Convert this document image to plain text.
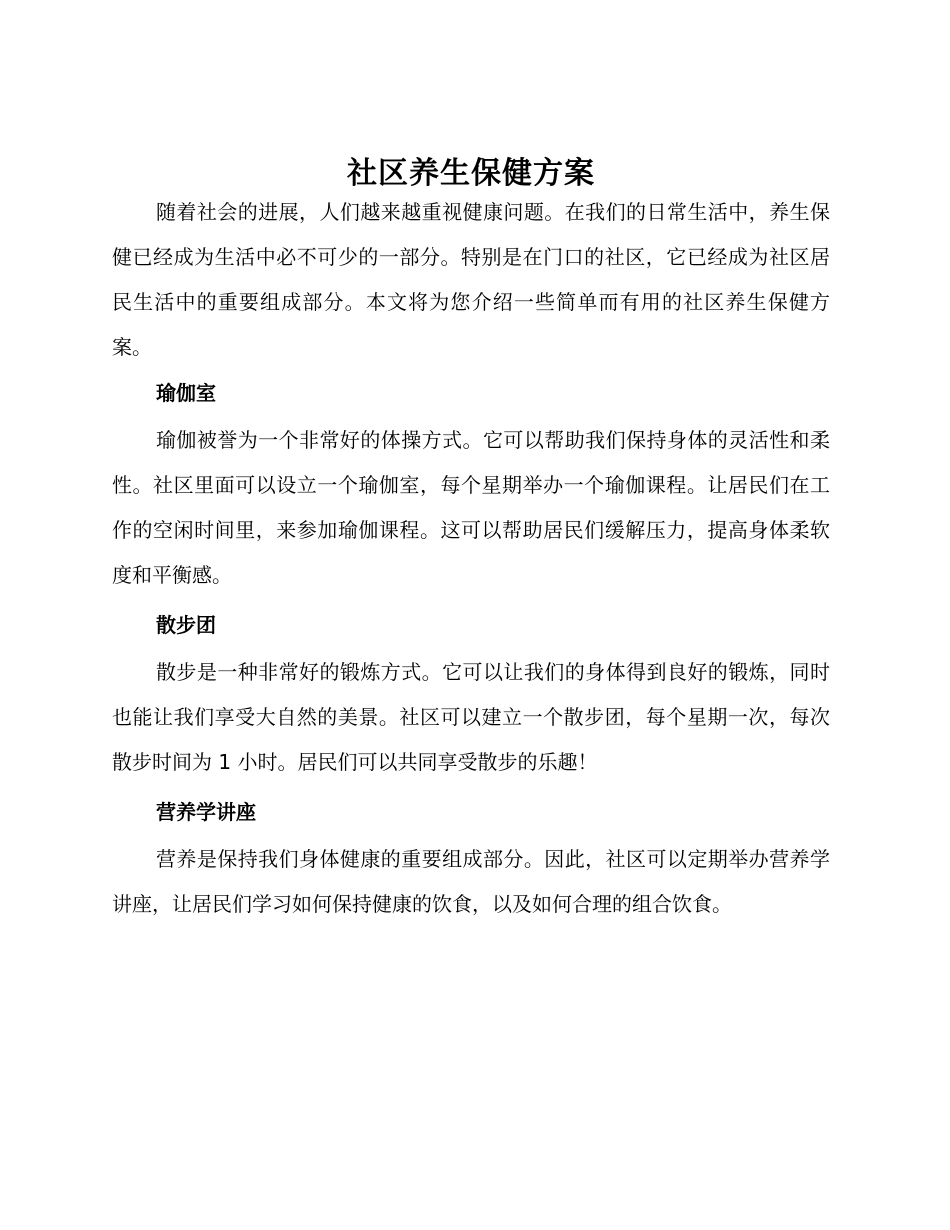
社区养生保健方案

随着社会的进展，人们越来越重视健康问题。在我们的日常生活中，养生保健已经成为生活中必不可少的一部分。特别是在门口的社区，它已经成为社区居民生活中的重要组成部分。本文将为您介绍一些简单而有用的社区养生保健方案。

瑜伽室

瑜伽被誉为一个非常好的体操方式。它可以帮助我们保持身体的灵活性和柔性。社区里面可以设立一个瑜伽室，每个星期举办一个瑜伽课程。让居民们在工作的空闲时间里，来参加瑜伽课程。这可以帮助居民们缓解压力，提高身体柔软度和平衡感。

散步团

散步是一种非常好的锻炼方式。它可以让我们的身体得到良好的锻炼，同时也能让我们享受大自然的美景。社区可以建立一个散步团，每个星期一次，每次散步时间为 1 小时。居民们可以共同享受散步的乐趣！

营养学讲座

营养是保持我们身体健康的重要组成部分。因此，社区可以定期举办营养学讲座，让居民们学习如何保持健康的饮食，以及如何合理的组合饮食。
